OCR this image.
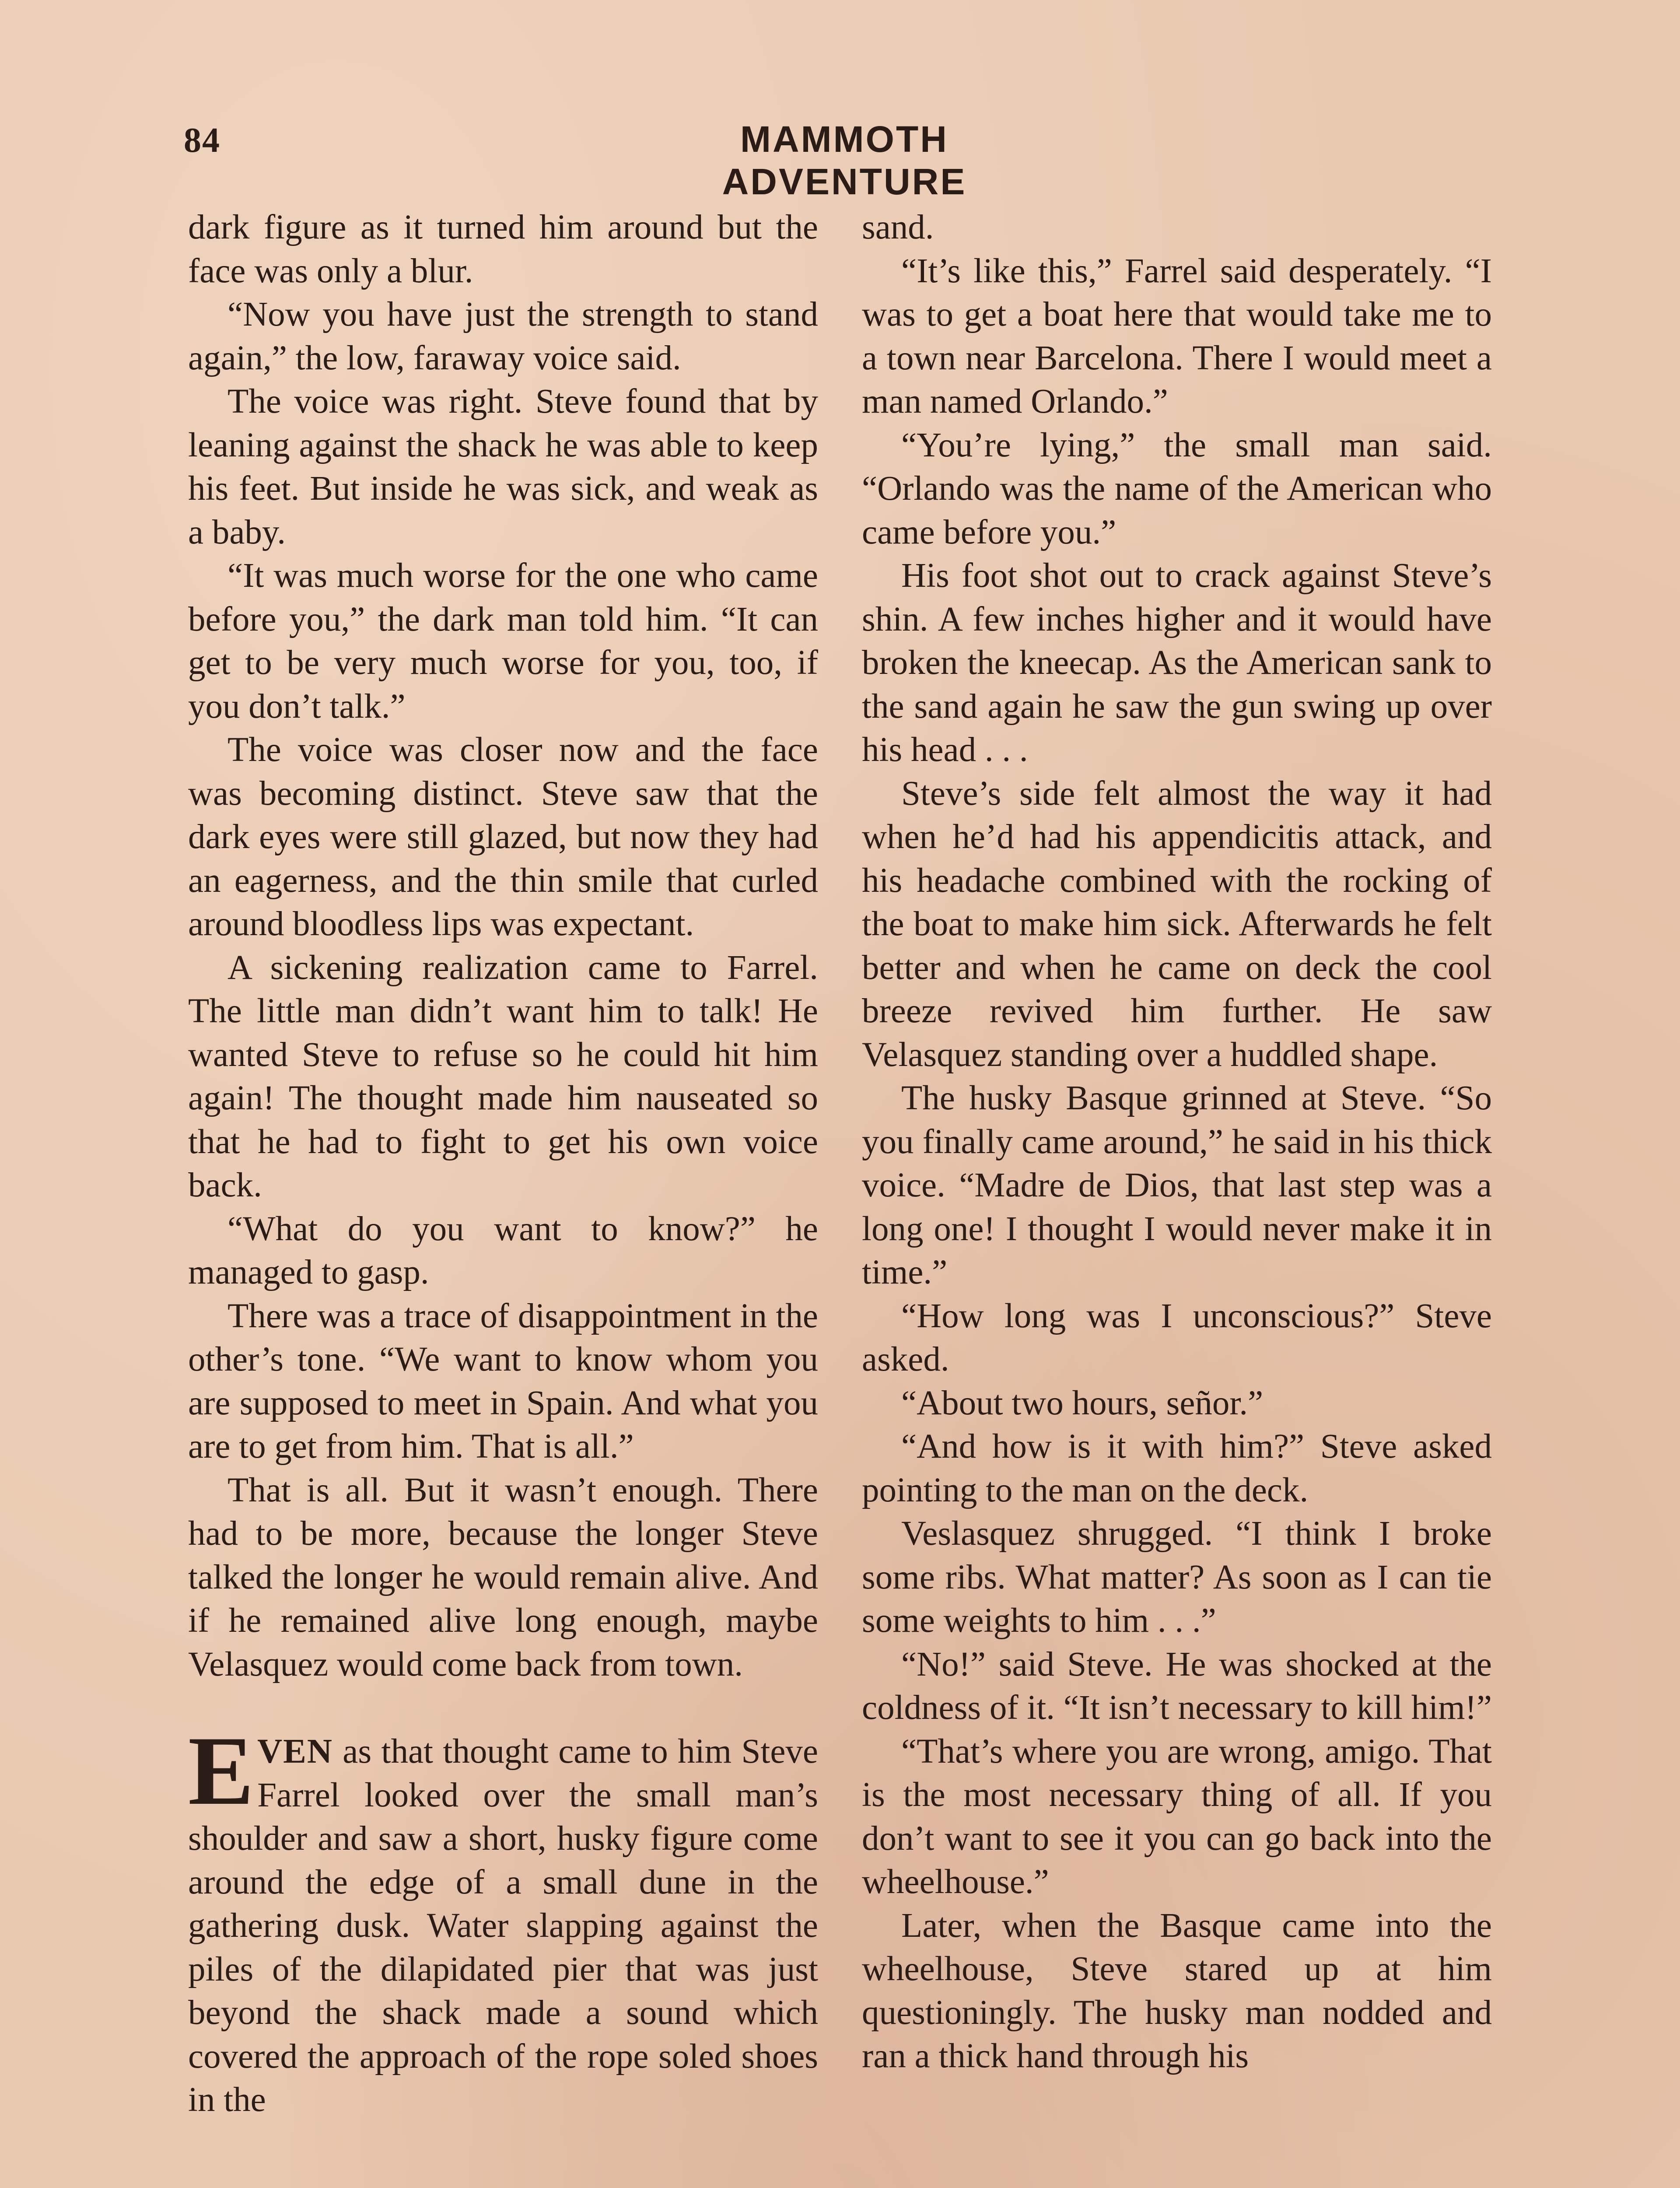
84	MAMMOTH ADVENTURE

dark figure as it turned him around but the face was only a blur.

“Now you have just the strength to stand again,” the low, faraway voice said.

The voice was right. Steve found that by leaning against the shack he was able to keep his feet. But inside he was sick, and weak as a baby.

“It was much worse for the one who came before you,” the dark man told him. “It can get to be very much worse for you, too, if you don’t talk.”

The voice was closer now and the face was becoming distinct. Steve saw that the dark eyes were still glazed, but now they had an eagerness, and the thin smile that curled around bloodless lips was expectant.

A sickening realization came to Farrel. The little man didn’t want him to talk! He wanted Steve to refuse so he could hit him again! The thought made him nauseated so that he had to fight to get his own voice back.

“What do you want to know?” he managed to gasp.

There was a trace of disappointment in the other’s tone. “We want to know whom you are supposed to meet in Spain. And what you are to get from him. That is all.”

That is all. But it wasn’t enough. There had to be more, because the longer Steve talked the longer he would remain alive. And if he remained alive long enough, maybe Velasquez would come back from town.

EVEN as that thought came to him Steve Farrel looked over the small man’s shoulder and saw a short, husky figure come around the edge of a small dune in the gathering dusk. Water slapping against the piles of the dilapidated pier that was just beyond the shack made a sound which covered the approach of the rope soled shoes in the

sand.

“It’s like this,” Farrel said desperately. “I was to get a boat here that would take me to a town near Barcelona. There I would meet a man named Orlando.”

“You’re lying,” the small man said. “Orlando was the name of the American who came before you.”

His foot shot out to crack against Steve’s shin. A few inches higher and it would have broken the kneecap. As the American sank to the sand again he saw the gun swing up over his head . . .

Steve’s side felt almost the way it had when he’d had his appendicitis attack, and his headache combined with the rocking of the boat to make him sick. Afterwards he felt better and when he came on deck the cool breeze revived him further. He saw Velasquez standing over a huddled shape.

The husky Basque grinned at Steve. “So you finally came around,” he said in his thick voice. “Madre de Dios, that last step was a long one! I thought I would never make it in time.”

“How long was I unconscious?” Steve asked.

“About two hours, señor.”

“And how is it with him?” Steve asked pointing to the man on the deck.

Veslasquez shrugged. “I think I broke some ribs. What matter? As soon as I can tie some weights to him . . .”

“No!” said Steve. He was shocked at the coldness of it. “It isn’t necessary to kill him!”

“That’s where you are wrong, amigo. That is the most necessary thing of all. If you don’t want to see it you can go back into the wheelhouse.”

Later, when the Basque came into the wheelhouse, Steve stared up at him questioningly. The husky man nodded and ran a thick hand through his
